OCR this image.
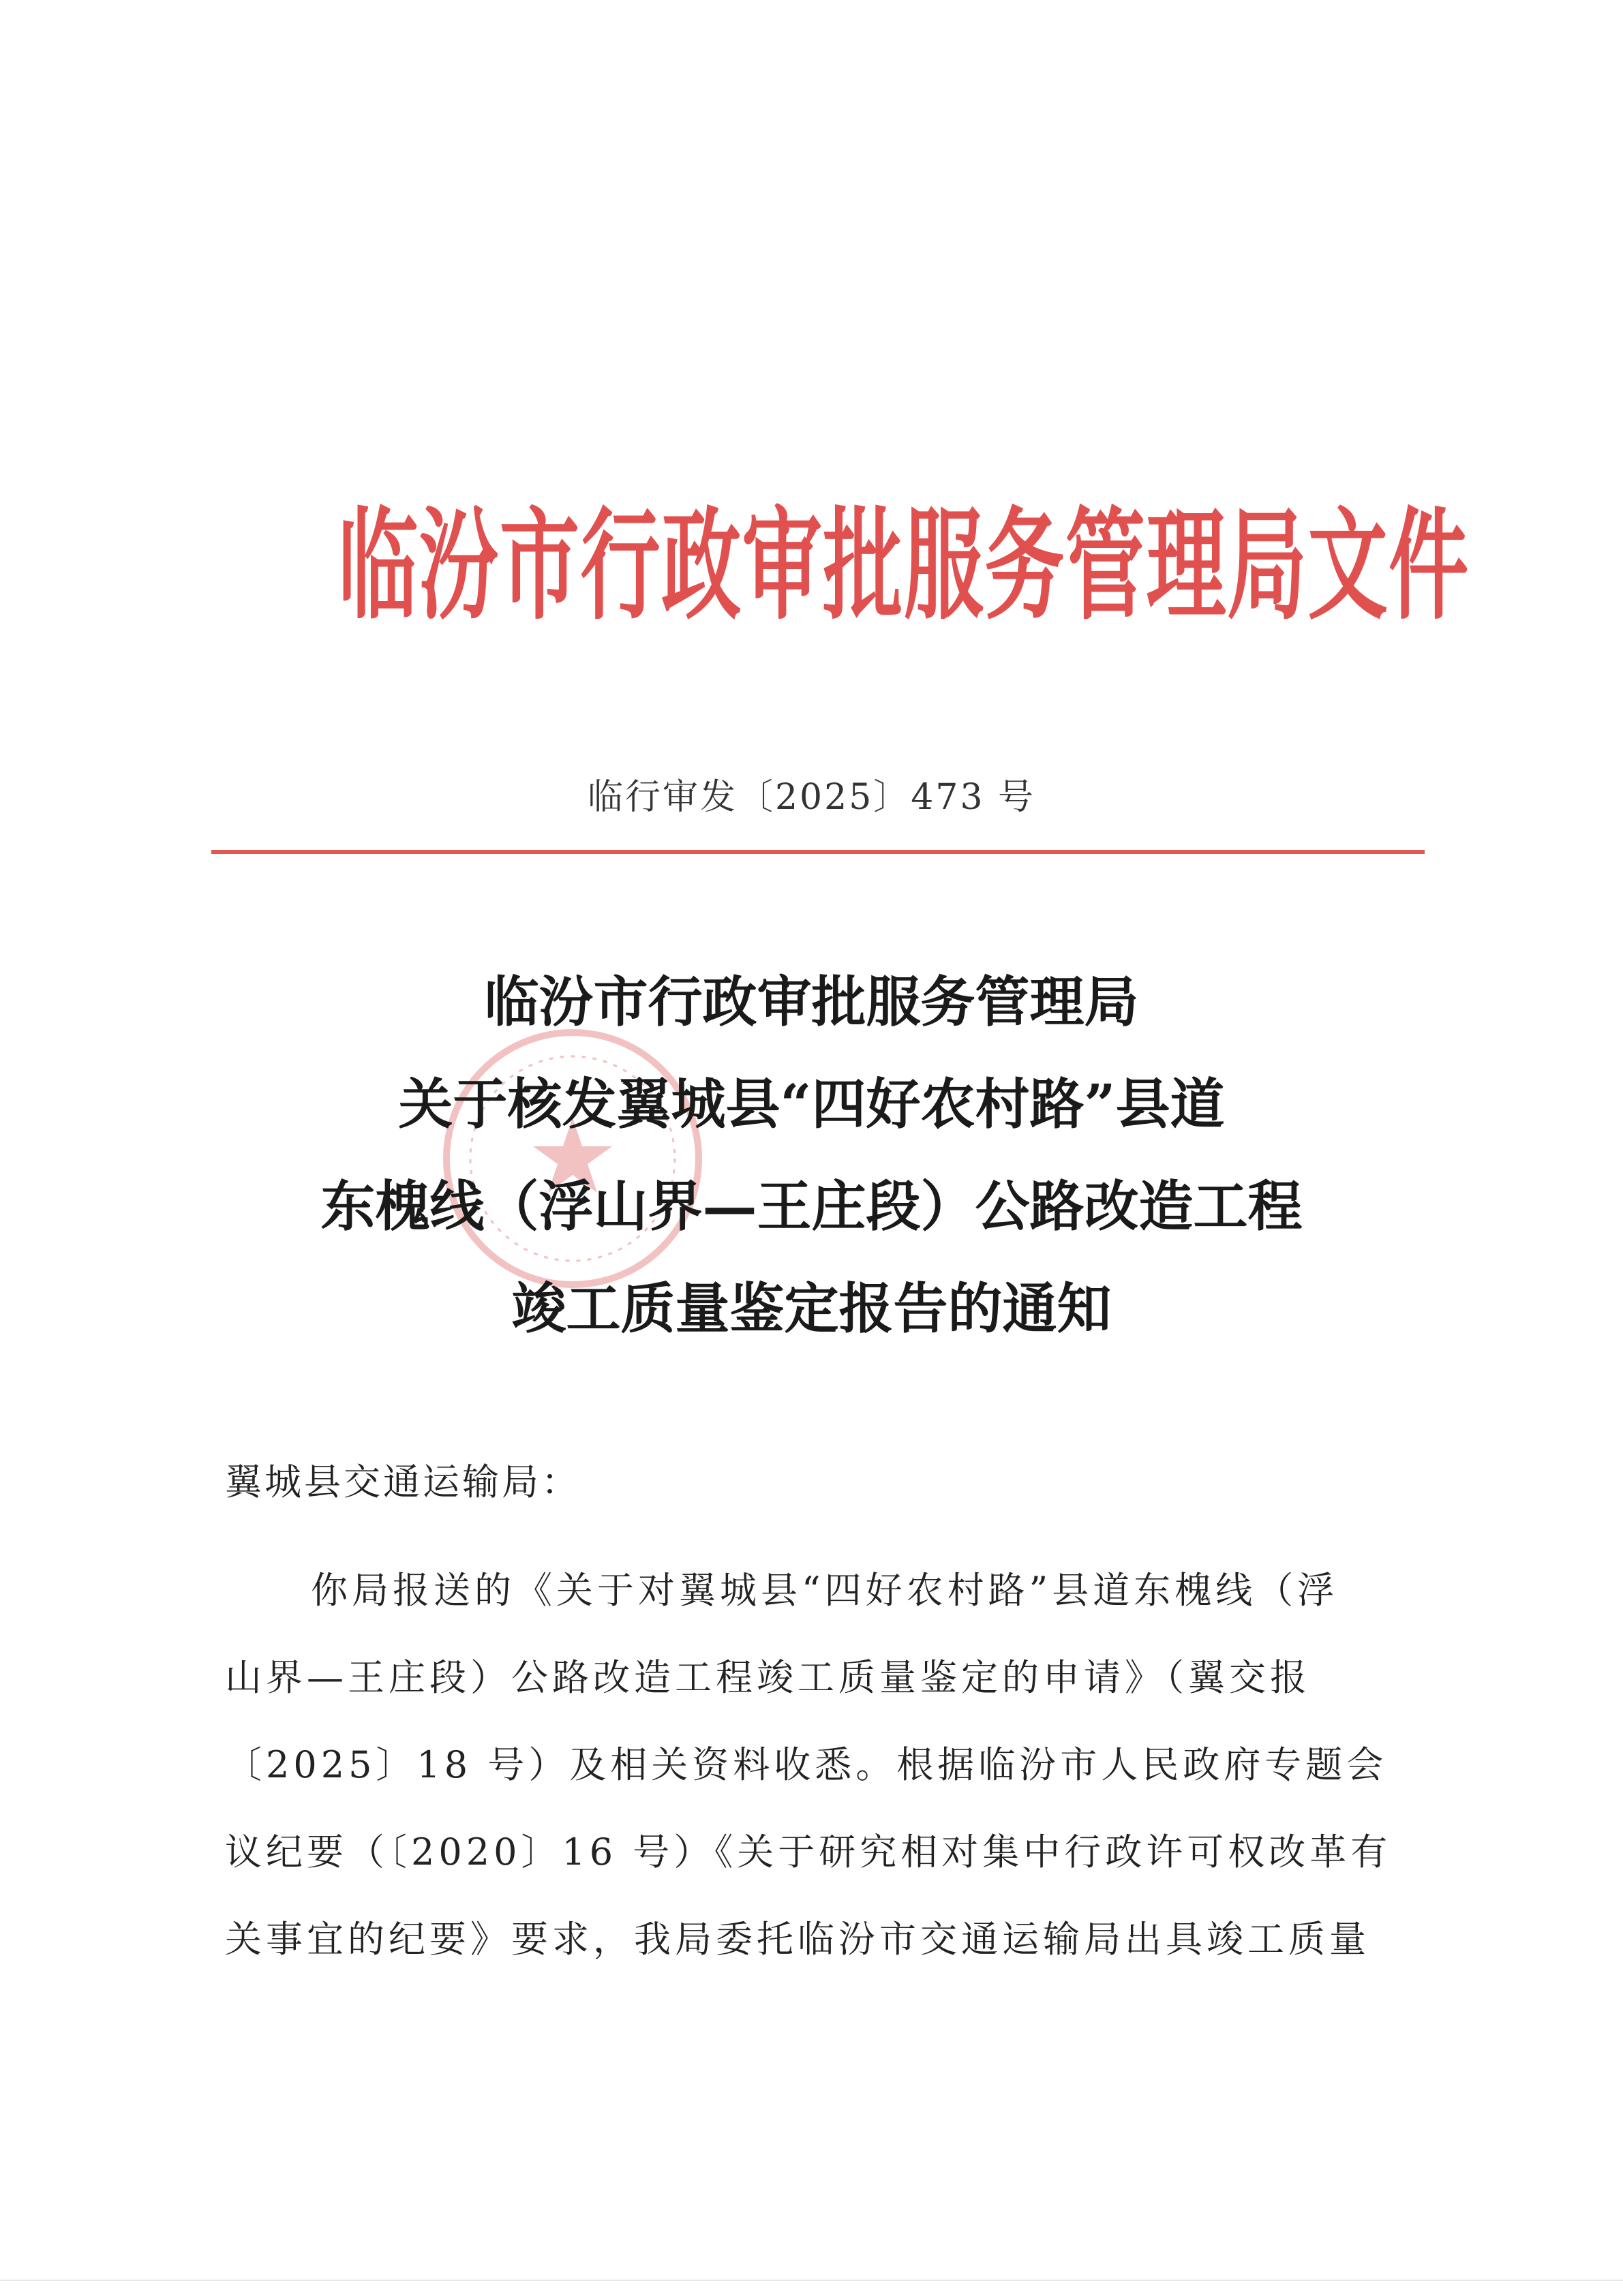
临汾市行政审批服务管理局文件
临行审发〔2025〕473 号
临汾市行政审批服务管理局
关于核发翼城县“四好农村路”县道
东槐线（浮山界—王庄段）公路改造工程
竣工质量鉴定报告的通知
翼城县交通运输局：
你局报送的《关于对翼城县“四好农村路”县道东槐线（浮
山界—王庄段）公路改造工程竣工质量鉴定的申请》（翼交报
〔2025〕18 号）及相关资料收悉。根据临汾市人民政府专题会
议纪要（〔2020〕16 号）《关于研究相对集中行政许可权改革有
关事宜的纪要》要求，我局委托临汾市交通运输局出具竣工质量
